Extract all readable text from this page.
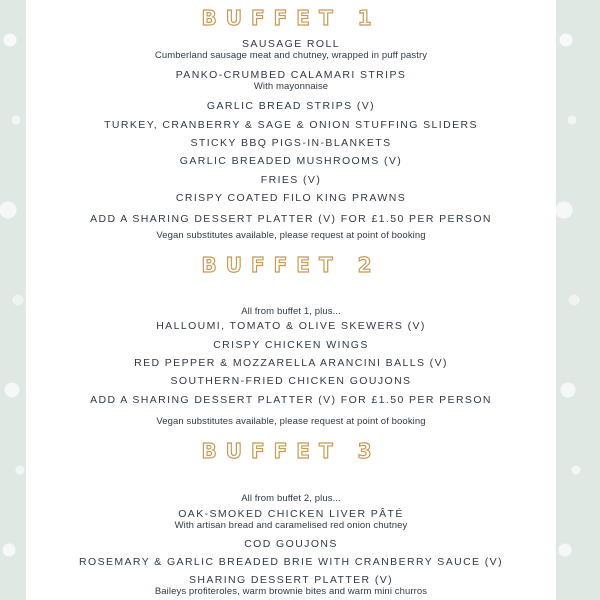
BUFFET 1
SAUSAGE ROLL
Cumberland sausage meat and chutney, wrapped in puff pastry
PANKO-CRUMBED CALAMARI STRIPS
With mayonnaise
GARLIC BREAD STRIPS (V)
TURKEY, CRANBERRY & SAGE & ONION STUFFING SLIDERS
STICKY BBQ PIGS-IN-BLANKETS
GARLIC BREADED MUSHROOMS (V)
FRIES (V)
CRISPY COATED FILO KING PRAWNS
ADD A SHARING DESSERT PLATTER (V) FOR £1.50 PER PERSON
Vegan substitutes available, please request at point of booking
BUFFET 2
All from buffet 1, plus...
HALLOUMI, TOMATO & OLIVE SKEWERS (V)
CRISPY CHICKEN WINGS
RED PEPPER & MOZZARELLA ARANCINI BALLS (V)
SOUTHERN-FRIED CHICKEN GOUJONS
ADD A SHARING DESSERT PLATTER (V) FOR £1.50 PER PERSON
Vegan substitutes available, please request at point of booking
BUFFET 3
All from buffet 2, plus...
OAK-SMOKED CHICKEN LIVER PÂTÉ
With artisan bread and caramelised red onion chutney
COD GOUJONS
ROSEMARY & GARLIC BREADED BRIE WITH CRANBERRY SAUCE (V)
SHARING DESSERT PLATTER (V)
Baileys profiteroles, warm brownie bites and warm mini churros
